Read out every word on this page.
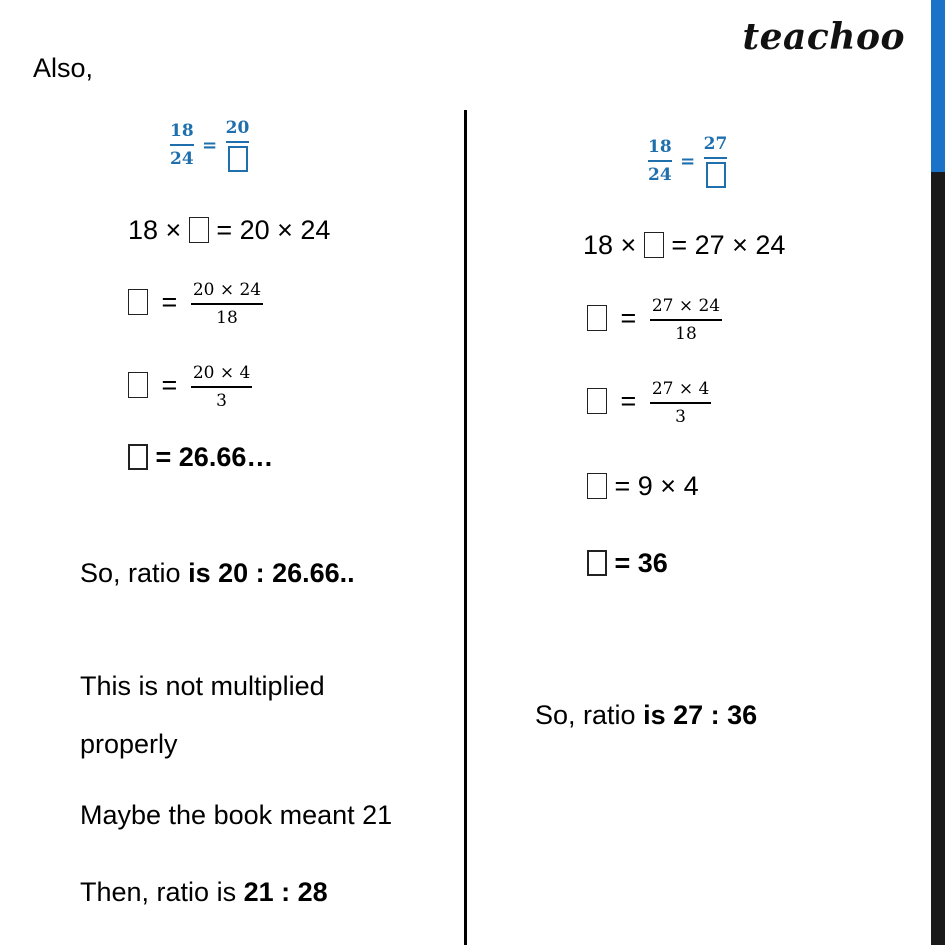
teachoo
Also,
$\frac{18}{24}$ =
20
18 × = 20 × 24
= $\frac{20 \times 24}{18}$
= $\frac{20 \times 4}{3}$
= 26.66…
So, ratio is 20 : 26.66..
This is not multiplied
properly
Maybe the book meant 21
Then, ratio is 21 : 28
$\frac{18}{24}$ =
27
18 × = 27 × 24
= $\frac{27 \times 24}{18}$
= $\frac{27 \times 4}{3}$
= 9 × 4
= 36
So, ratio is 27 : 36
